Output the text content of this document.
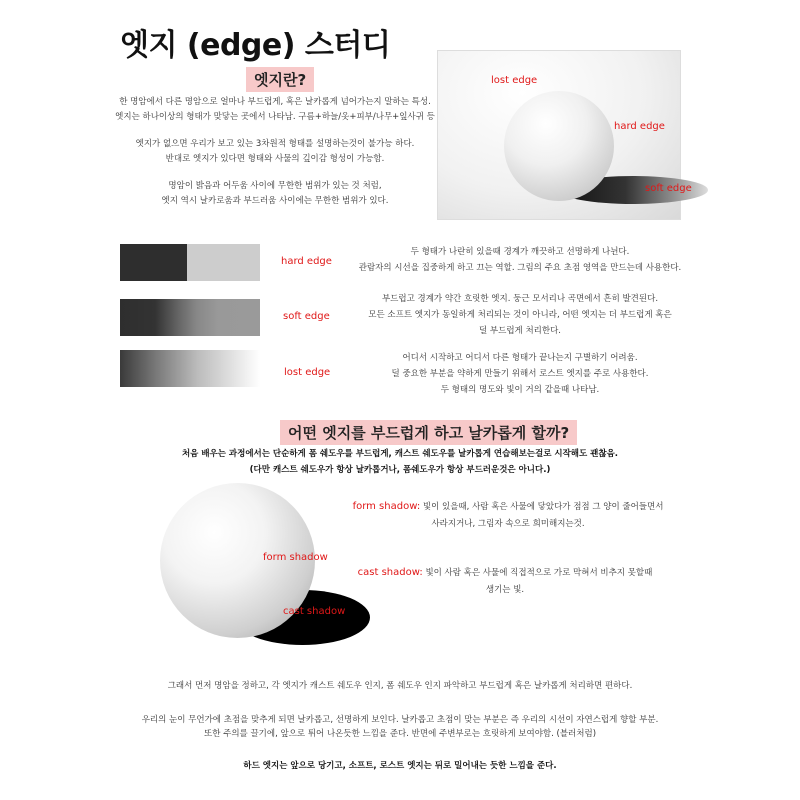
엣지 (edge) 스터디
엣지란?
한 명암에서 다른 명암으로 얼마나 부드럽게, 혹은 날카롭게 넘어가는지 말하는 특성.
엣지는 하나이상의 형태가 맞닿는 곳에서 나타남. 구름+하늘/옷+피부/나무+잎사귀 등
엣지가 없으면 우리가 보고 있는 3차원적 형태를 설명하는것이 불가능 하다.
반대로 엣지가 있다면 형태와 사물의 깊이감 형성이 가능함.
명암이 밝음과 어두움 사이에 무한한 범위가 있는 것 처럼,
엣지 역시 날카로움과 부드러움 사이에는 무한한 범위가 있다.
lost edge
hard edge
soft edge
hard edge
두 형태가 나란히 있을때 경계가 깨끗하고 선명하게 나뉜다.
관람자의 시선을 집중하게 하고 끄는 역할. 그림의 주요 초점 영역을 만드는데 사용한다.
soft edge
부드럽고 경계가 약간 흐릿한 엣지. 둥근 모서리나 곡면에서 흔히 발견된다.
모든 소프트 엣지가 동일하게 처리되는 것이 아니라, 어떤 엣지는 더 부드럽게 혹은
덜 부드럽게 처리한다.
lost edge
어디서 시작하고 어디서 다른 형태가 끝나는지 구별하기 어려움.
덜 중요한 부분을 약하게 만들기 위해서 로스트 엣지를 주로 사용한다.
두 형태의 명도와 빛이 거의 같을때 나타남.
어떤 엣지를 부드럽게 하고 날카롭게 할까?
처음 배우는 과정에서는 단순하게 폼 쉐도우를 부드럽게, 캐스트 쉐도우를 날카롭게 연습해보는걸로 시작해도 괜찮음.
(다만 캐스트 쉐도우가 항상 날카롭거나, 폼쉐도우가 항상 부드러운것은 아니다.)
form shadow
cast shadow
form shadow: 빛이 있을때, 사람 혹은 사물에 닿았다가 점점 그 양이 줄어들면서
사라지거나, 그림자 속으로 희미해지는것.
cast shadow: 빛이 사람 혹은 사물에 직접적으로 가로 막혀서 비추지 못할때
생기는 빛.
그래서 먼저 명암을 정하고, 각 엣지가 캐스트 쉐도우 인지, 폼 쉐도우 인지 파악하고 부드럽게 혹은 날카롭게 처리하면 편하다.
우리의 눈이 무언가에 초점을 맞추게 되면 날카롭고, 선명하게 보인다. 날카롭고 초점이 맞는 부분은 즉 우리의 시선이 자연스럽게 향할 부분.
또한 주의를 끌기에, 앞으로 튀어 나온듯한 느낌을 준다. 반면에 주변부로는 흐릿하게 보여야함. (블러처럼)
하드 엣지는 앞으로 당기고, 소프트, 로스트 엣지는 뒤로 밀어내는 듯한 느낌을 준다.
